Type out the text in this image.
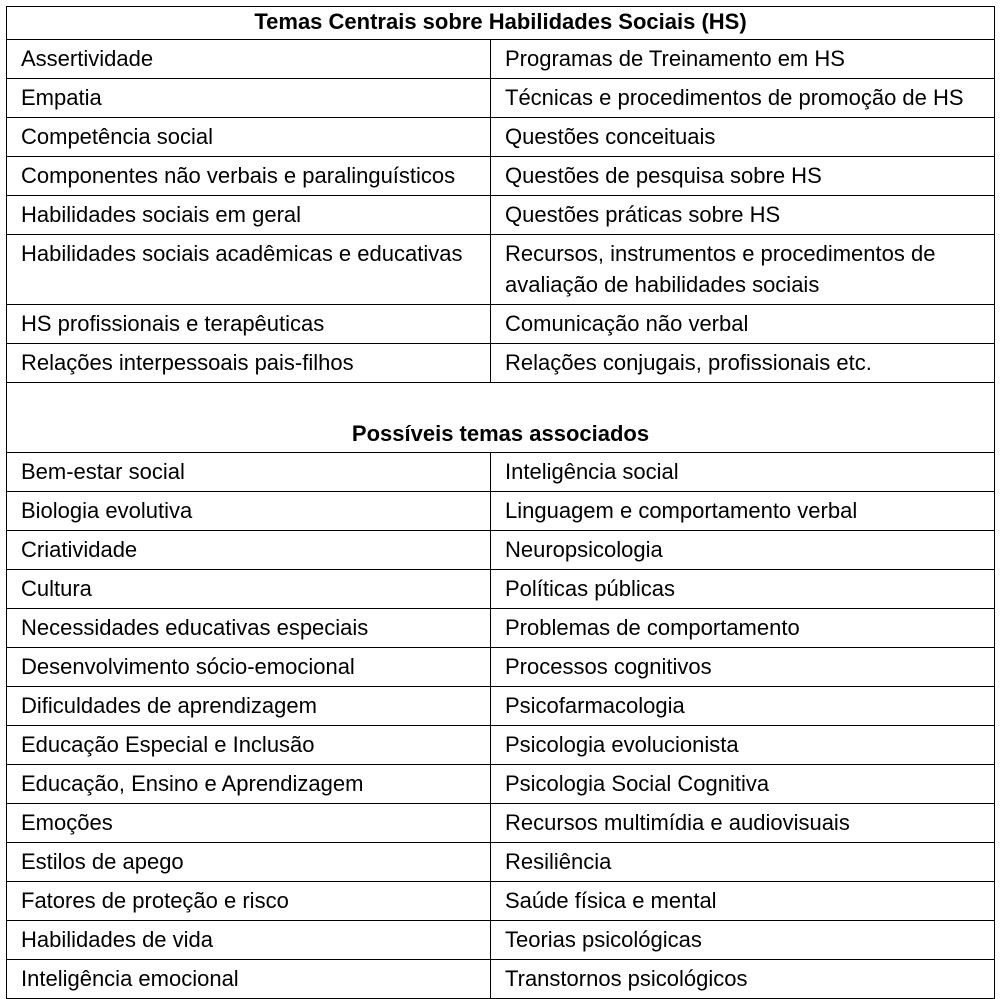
Temas Centrais sobre Habilidades Sociais (HS)	
Assertividade	Programas de Treinamento em HS
Empatia	Técnicas e procedimentos de promoção de HS
Competência social	Questões conceituais
Componentes não verbais e paralinguísticos	Questões de pesquisa sobre HS
Habilidades sociais em geral	Questões práticas sobre HS
Habilidades sociais acadêmicas e educativas	Recursos, instrumentos e procedimentos de avaliação de habilidades sociais
HS profissionais e terapêuticas	Comunicação não verbal
Relações interpessoais pais-filhos	Relações conjugais, profissionais etc.

Possíveis temas associados	
Bem-estar social	Inteligência social
Biologia evolutiva	Linguagem e comportamento verbal
Criatividade	Neuropsicologia
Cultura	Políticas públicas
Necessidades educativas especiais	Problemas de comportamento
Desenvolvimento sócio-emocional	Processos cognitivos
Dificuldades de aprendizagem	Psicofarmacologia
Educação Especial e Inclusão	Psicologia evolucionista
Educação, Ensino e Aprendizagem	Psicologia Social Cognitiva
Emoções	Recursos multimídia e audiovisuais
Estilos de apego	Resiliência
Fatores de proteção e risco	Saúde física e mental
Habilidades de vida	Teorias psicológicas
Inteligência emocional	Transtornos psicológicos
